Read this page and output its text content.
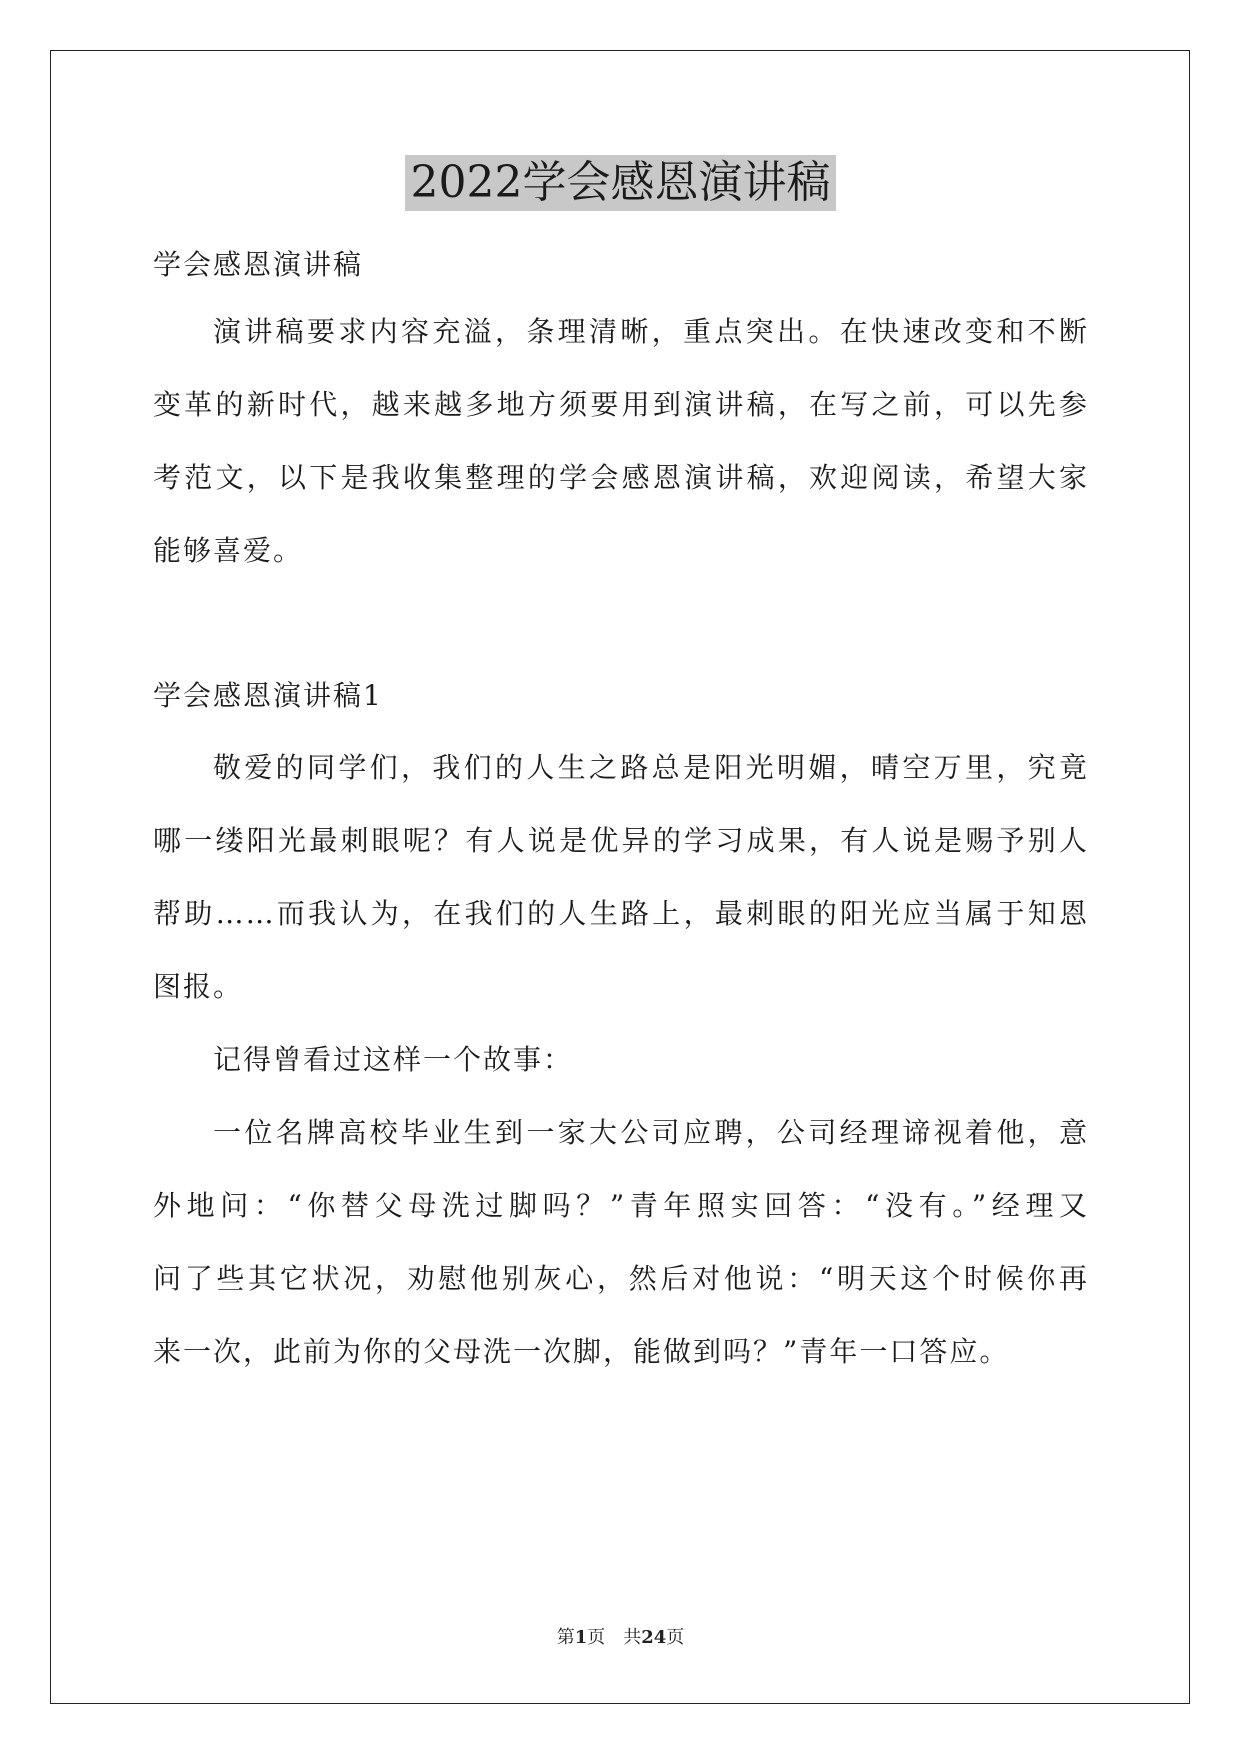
2022学会感恩演讲稿
学会感恩演讲稿
演讲稿要求内容充溢，条理清晰，重点突出。在快速改变和不断
变革的新时代，越来越多地方须要用到演讲稿，在写之前，可以先参
考范文，以下是我收集整理的学会感恩演讲稿，欢迎阅读，希望大家
能够喜爱。
学会感恩演讲稿1
敬爱的同学们，我们的人生之路总是阳光明媚，晴空万里，究竟
哪一缕阳光最刺眼呢？有人说是优异的学习成果，有人说是赐予别人
帮助……而我认为，在我们的人生路上，最刺眼的阳光应当属于知恩
图报。
记得曾看过这样一个故事：
一位名牌高校毕业生到一家大公司应聘，公司经理谛视着他，意
外地问：“你替父母洗过脚吗？”青年照实回答：“没有。”经理又
问了些其它状况，劝慰他别灰心，然后对他说：“明天这个时候你再
来一次，此前为你的父母洗一次脚，能做到吗？”青年一口答应。
第1页 共24页
